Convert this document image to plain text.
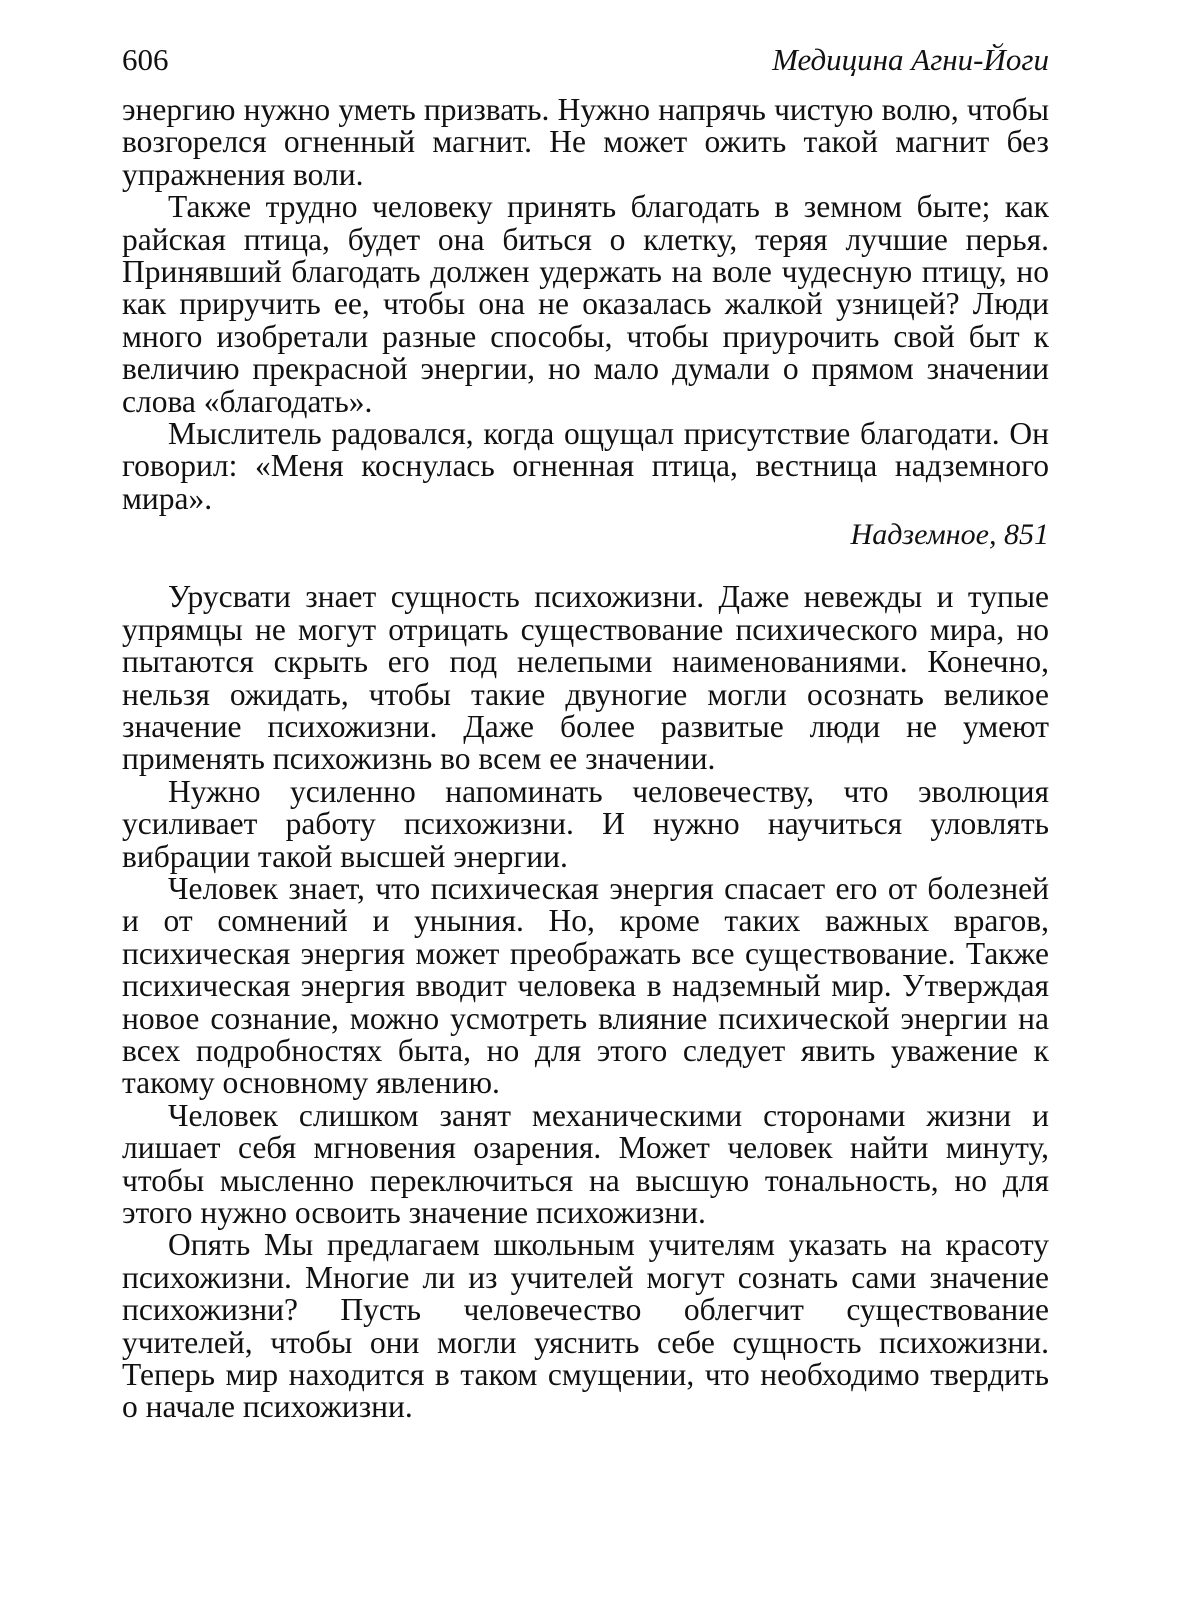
606	Медицина Агни-Йоги

энергию нужно уметь призвать. Нужно напрячь чистую волю, чтобы возгорелся огненный магнит. Не может ожить такой магнит без упражнения воли.

Также трудно человеку принять благодать в земном быте; как райская птица, будет она биться о клетку, теряя лучшие перья. Принявший благодать должен удержать на воле чудесную птицу, но как приручить ее, чтобы она не оказалась жалкой узницей? Люди много изобретали разные способы, чтобы приурочить свой быт к величию прекрасной энергии, но мало думали о прямом значении слова «благодать».

Мыслитель радовался, когда ощущал присутствие благодати. Он говорил: «Меня коснулась огненная птица, вестница надземного мира».

Надземное, 851

Урусвати знает сущность психожизни. Даже невежды и тупые упрямцы не могут отрицать существование психического мира, но пытаются скрыть его под нелепыми наименованиями. Конечно, нельзя ожидать, чтобы такие двуногие могли осознать великое значение психожизни. Даже более развитые люди не умеют применять психожизнь во всем ее значении.

Нужно усиленно напоминать человечеству, что эволюция усиливает работу психожизни. И нужно научиться уловлять вибрации такой высшей энергии.

Человек знает, что психическая энергия спасает его от болезней и от сомнений и уныния. Но, кроме таких важных врагов, психическая энергия может преображать все существование. Также психическая энергия вводит человека в надземный мир. Утверждая новое сознание, можно усмотреть влияние психической энергии на всех подробностях быта, но для этого следует явить уважение к такому основному явлению.

Человек слишком занят механическими сторонами жизни и лишает себя мгновения озарения. Может человек найти минуту, чтобы мысленно переключиться на высшую тональность, но для этого нужно освоить значение психожизни.

Опять Мы предлагаем школьным учителям указать на красоту психожизни. Многие ли из учителей могут сознать сами значение психожизни? Пусть человечество облегчит существование учителей, чтобы они могли уяснить себе сущность психожизни. Теперь мир находится в таком смущении, что необходимо твердить о начале психожизни.
